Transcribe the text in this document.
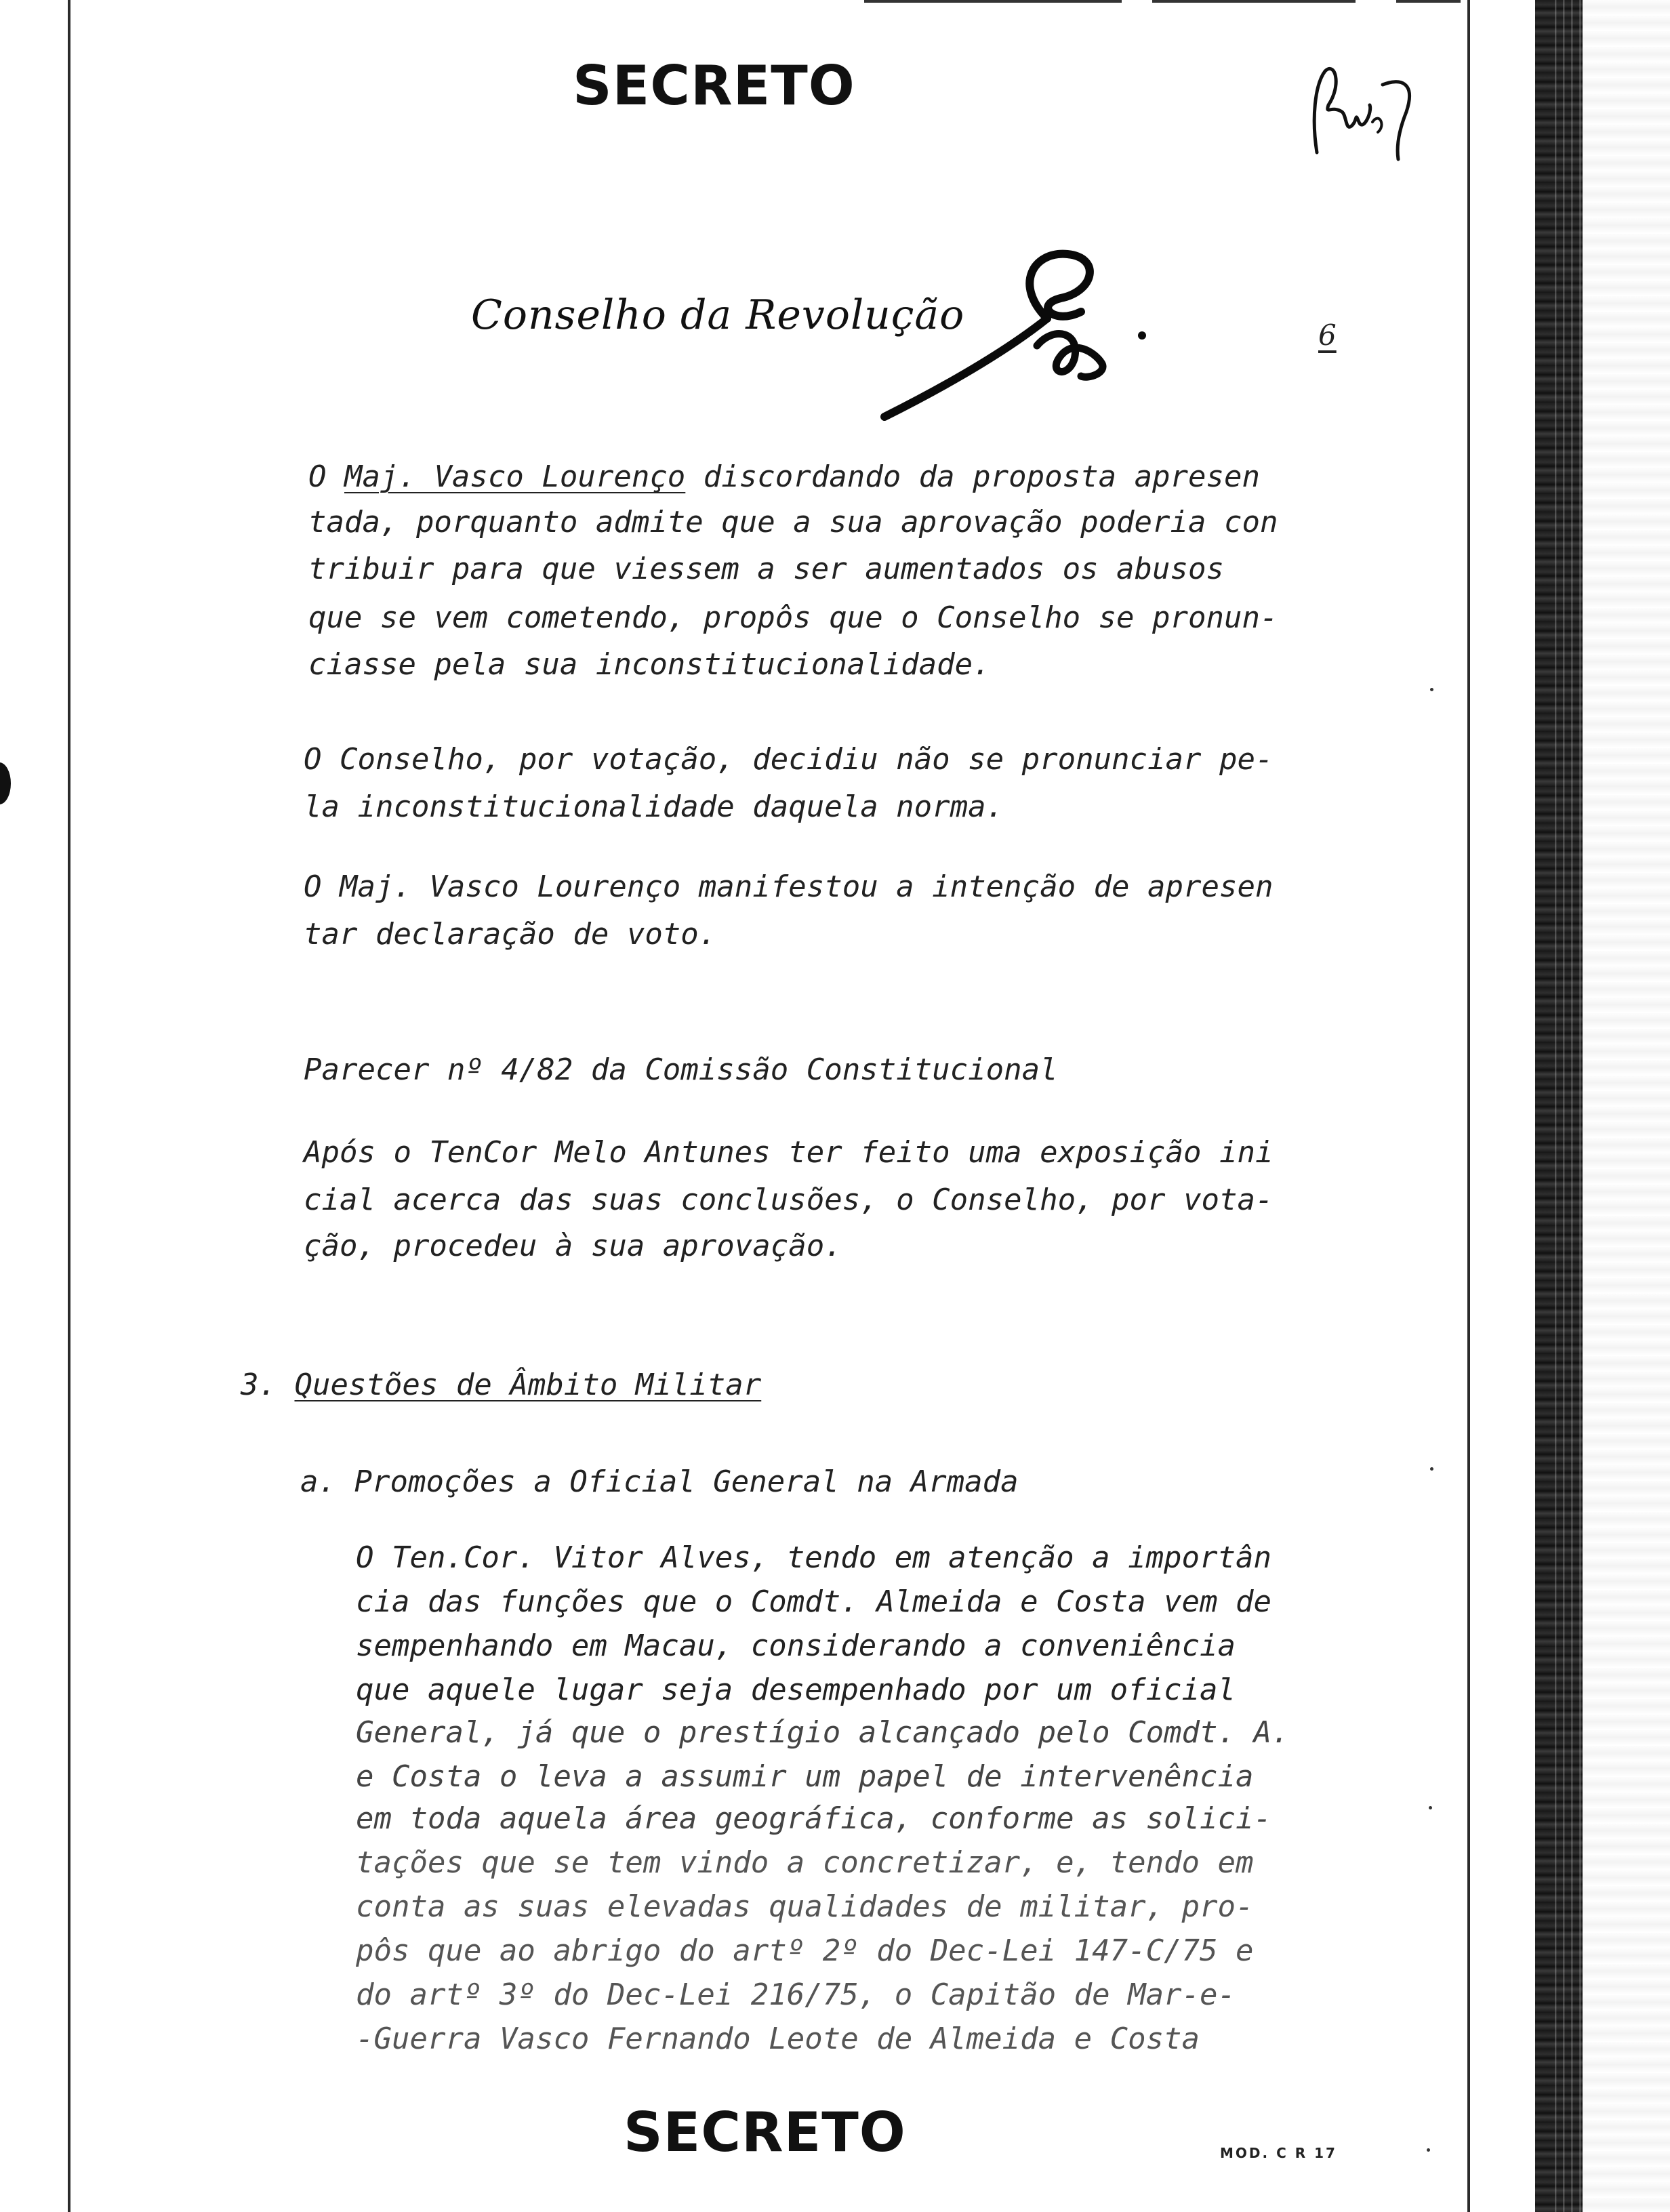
SECRETO
Conselho da Revolução	6
O Maj. Vasco Lourenço discordando da proposta apresen
tada, porquanto admite que a sua aprovação poderia con
tribuir para que viessem a ser aumentados os abusos
que se vem cometendo, propôs que o Conselho se pronun-
ciasse pela sua inconstitucionalidade.
O Conselho, por votação, decidiu não se pronunciar pe-
la inconstitucionalidade daquela norma.
O Maj. Vasco Lourenço manifestou a intenção de apresen
tar declaração de voto.
Parecer nº 4/82 da Comissão Constitucional
Após o TenCor Melo Antunes ter feito uma exposição ini
cial acerca das suas conclusões, o Conselho, por vota-
ção, procedeu à sua aprovação.
3. Questões de Âmbito Militar
a. Promoções a Oficial General na Armada
O Ten.Cor. Vitor Alves, tendo em atenção a importân
cia das funções que o Comdt. Almeida e Costa vem de
sempenhando em Macau, considerando a conveniência
que aquele lugar seja desempenhado por um oficial
General, já que o prestígio alcançado pelo Comdt. A.
e Costa o leva a assumir um papel de intervenência
em toda aquela área geográfica, conforme as solici-
tações que se tem vindo a concretizar, e, tendo em
conta as suas elevadas qualidades de militar, pro-
pôs que ao abrigo do artº 2º do Dec-Lei 147-C/75 e
do artº 3º do Dec-Lei 216/75, o Capitão de Mar-e-
-Guerra Vasco Fernando Leote de Almeida e Costa
SECRETO	MOD. C R 17
